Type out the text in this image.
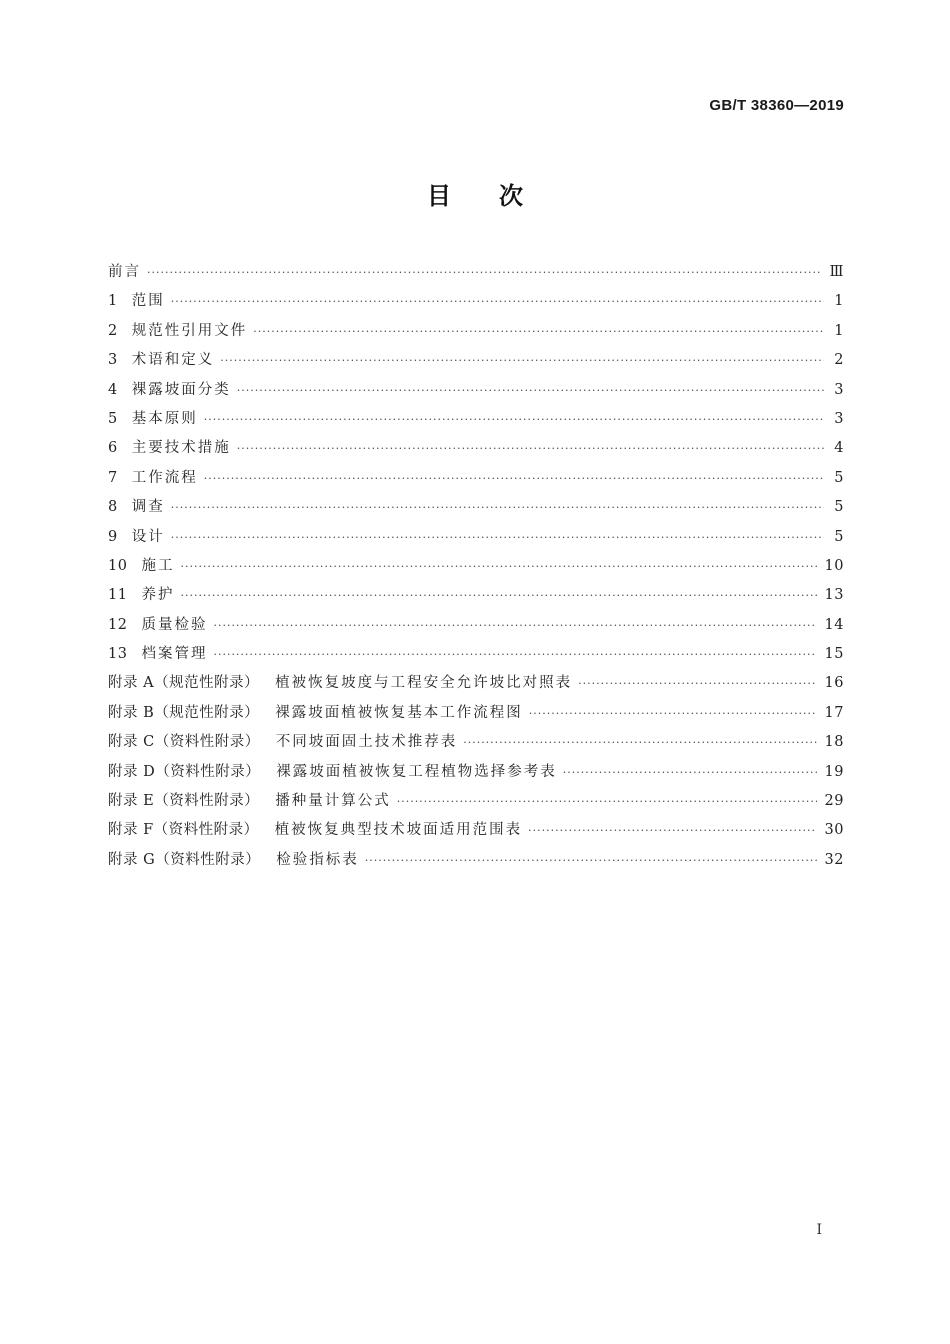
GB/T 38360—2019
目 次
前言 ·····	Ⅲ
1 范围 ·····	1
2 规范性引用文件 ·····	1
3 术语和定义 ·····	2
4 裸露坡面分类 ·····	3
5 基本原则 ·····	3
6 主要技术措施 ·····	4
7 工作流程 ·····	5
8 调查 ·····	5
9 设计 ·····	5
10 施工 ·····	10
11 养护 ·····	13
12 质量检验 ·····	14
13 档案管理 ·····	15
附录 A（规范性附录） 植被恢复坡度与工程安全允许坡比对照表 ·····	16
附录 B（规范性附录） 裸露坡面植被恢复基本工作流程图 ·····	17
附录 C（资料性附录） 不同坡面固土技术推荐表 ·····	18
附录 D（资料性附录） 裸露坡面植被恢复工程植物选择参考表 ·····	19
附录 E（资料性附录） 播种量计算公式 ·····	29
附录 F（资料性附录） 植被恢复典型技术坡面适用范围表 ·····	30
附录 G（资料性附录） 检验指标表 ·····	32
I
